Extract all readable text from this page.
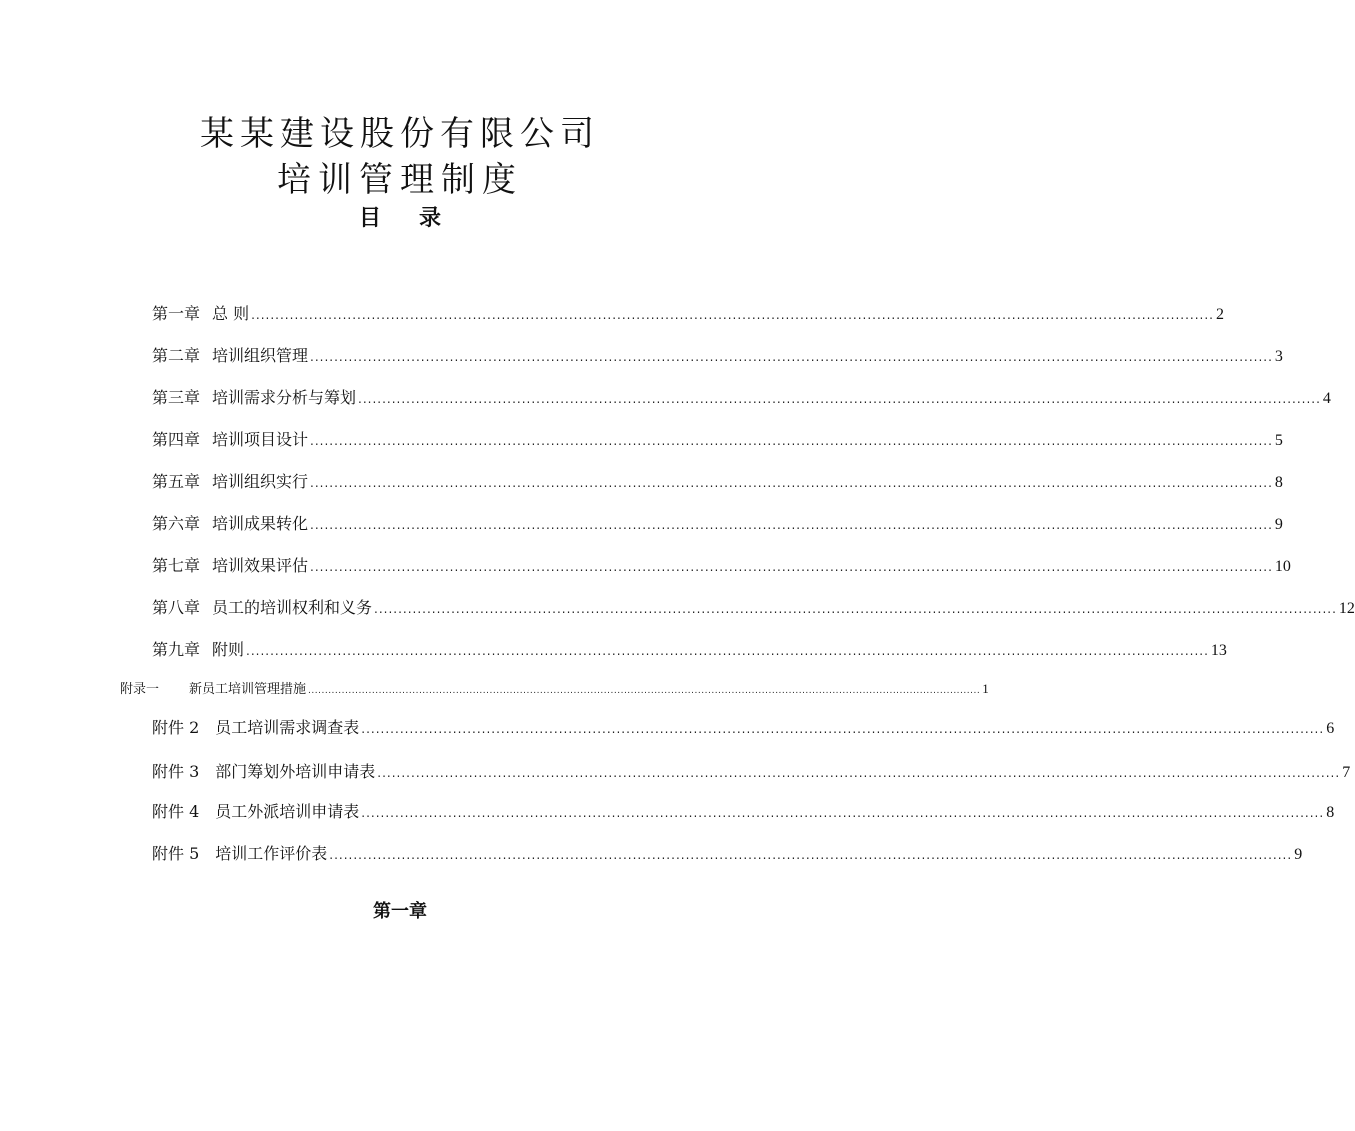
某某建设股份有限公司
培训管理制度
目 录
第一章 总 则 ........................................................................................................................................................................................................ 2
第二章 培训组织管理 ........................................................................................................................................................................................................ 3
第三章 培训需求分析与筹划 ........................................................................................................................................................................................................ 4
第四章 培训项目设计 ........................................................................................................................................................................................................ 5
第五章 培训组织实行 ........................................................................................................................................................................................................ 8
第六章 培训成果转化 ........................................................................................................................................................................................................ 9
第七章 培训效果评估 ........................................................................................................................................................................................................ 10
第八章 员工的培训权利和义务 ........................................................................................................................................................................................................ 12
第九章 附则 ........................................................................................................................................................................................................ 13
附录一 新员工培训管理措施 ........................................................................................................................................................................................................ 1
附件 2 员工培训需求调查表 ........................................................................................................................................................................................................ 6
附件 3 部门筹划外培训申请表 ........................................................................................................................................................................................................ 7
附件 4 员工外派培训申请表 ........................................................................................................................................................................................................ 8
附件 5 培训工作评价表 ........................................................................................................................................................................................................ 9
第一章
